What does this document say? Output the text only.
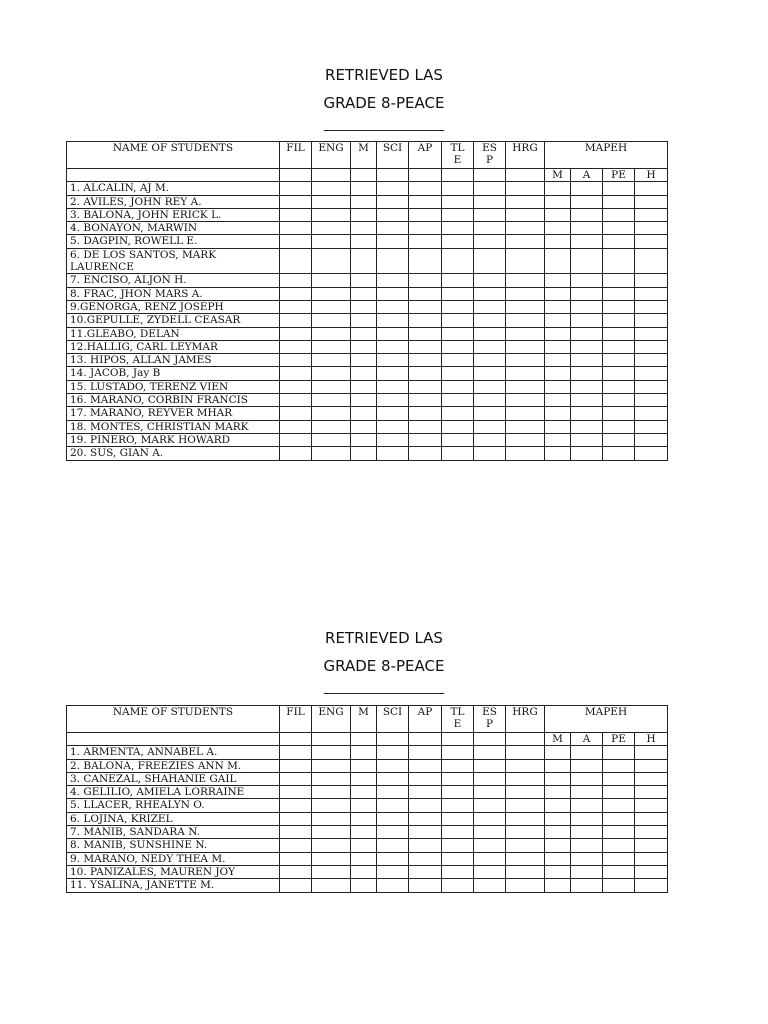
RETRIEVED LAS
GRADE 8-PEACE
NAME OF STUDENTS	FIL	ENG	M	SCI	AP	TL E	ES P	HRG	MAPEH			
									M	A	PE	H
1. ALCALIN, AJ M.												
2. AVILES, JOHN REY A.												
3. BALONA, JOHN ERICK L.												
4. BONAYON, MARWIN												
5. DAGPIN, ROWELL E.												
6. DE LOS SANTOS, MARK LAURENCE												
7. ENCISO, ALJON H.												
8. FRAC, JHON MARS A.												
9.GENORGA, RENZ JOSEPH												
10.GEPULLE, ZYDELL CEASAR												
11.GLEABO, DELAN												
12.HALLIG, CARL LEYMAR												
13. HIPOS, ALLAN JAMES												
14. JACOB, Jay B												
15. LUSTADO, TERENZ VIEN												
16. MARANO, CORBIN FRANCIS												
17. MARANO, REYVER MHAR												
18. MONTES, CHRISTIAN MARK												
19. PINERO, MARK HOWARD												
20. SUS, GIAN A.												
RETRIEVED LAS
GRADE 8-PEACE
NAME OF STUDENTS	FIL	ENG	M	SCI	AP	TL E	ES P	HRG	MAPEH			
									M	A	PE	H
1. ARMENTA, ANNABEL A.												
2. BALONA, FREEZIES ANN M.												
3. CANEZAL, SHAHANIE GAIL												
4. GELILIO, AMIELA LORRAINE												
5. LLACER, RHEALYN O.												
6. LOJINA, KRIZEL												
7. MANIB, SANDARA N.												
8. MANIB, SUNSHINE N.												
9. MARANO, NEDY THEA M.												
10. PANIZALES, MAUREN JOY												
11. YSALINA, JANETTE M.												
